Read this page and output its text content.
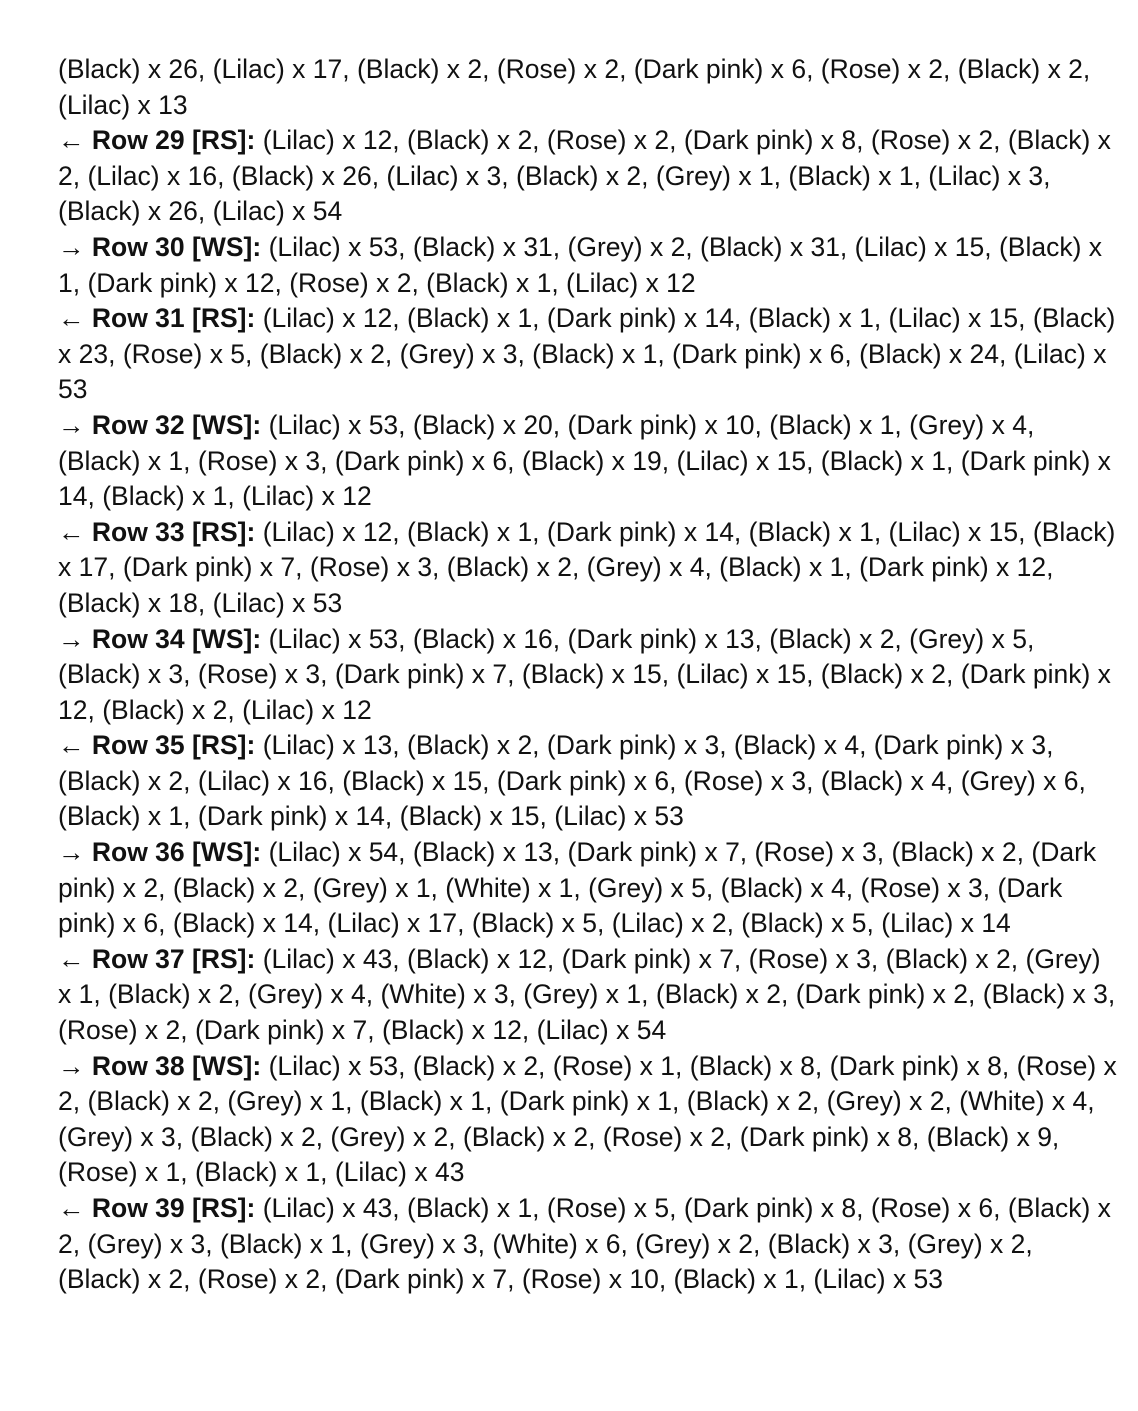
(Black) x 26, (Lilac) x 17, (Black) x 2, (Rose) x 2, (Dark pink) x 6, (Rose) x 2, (Black) x 2, (Lilac) x 13

← Row 29 [RS]: (Lilac) x 12, (Black) x 2, (Rose) x 2, (Dark pink) x 8, (Rose) x 2, (Black) x 2, (Lilac) x 16, (Black) x 26, (Lilac) x 3, (Black) x 2, (Grey) x 1, (Black) x 1, (Lilac) x 3, (Black) x 26, (Lilac) x 54

→ Row 30 [WS]: (Lilac) x 53, (Black) x 31, (Grey) x 2, (Black) x 31, (Lilac) x 15, (Black) x 1, (Dark pink) x 12, (Rose) x 2, (Black) x 1, (Lilac) x 12

← Row 31 [RS]: (Lilac) x 12, (Black) x 1, (Dark pink) x 14, (Black) x 1, (Lilac) x 15, (Black) x 23, (Rose) x 5, (Black) x 2, (Grey) x 3, (Black) x 1, (Dark pink) x 6, (Black) x 24, (Lilac) x 53

→ Row 32 [WS]: (Lilac) x 53, (Black) x 20, (Dark pink) x 10, (Black) x 1, (Grey) x 4, (Black) x 1, (Rose) x 3, (Dark pink) x 6, (Black) x 19, (Lilac) x 15, (Black) x 1, (Dark pink) x 14, (Black) x 1, (Lilac) x 12

← Row 33 [RS]: (Lilac) x 12, (Black) x 1, (Dark pink) x 14, (Black) x 1, (Lilac) x 15, (Black) x 17, (Dark pink) x 7, (Rose) x 3, (Black) x 2, (Grey) x 4, (Black) x 1, (Dark pink) x 12, (Black) x 18, (Lilac) x 53

→ Row 34 [WS]: (Lilac) x 53, (Black) x 16, (Dark pink) x 13, (Black) x 2, (Grey) x 5, (Black) x 3, (Rose) x 3, (Dark pink) x 7, (Black) x 15, (Lilac) x 15, (Black) x 2, (Dark pink) x 12, (Black) x 2, (Lilac) x 12

← Row 35 [RS]: (Lilac) x 13, (Black) x 2, (Dark pink) x 3, (Black) x 4, (Dark pink) x 3, (Black) x 2, (Lilac) x 16, (Black) x 15, (Dark pink) x 6, (Rose) x 3, (Black) x 4, (Grey) x 6, (Black) x 1, (Dark pink) x 14, (Black) x 15, (Lilac) x 53

→ Row 36 [WS]: (Lilac) x 54, (Black) x 13, (Dark pink) x 7, (Rose) x 3, (Black) x 2, (Dark pink) x 2, (Black) x 2, (Grey) x 1, (White) x 1, (Grey) x 5, (Black) x 4, (Rose) x 3, (Dark pink) x 6, (Black) x 14, (Lilac) x 17, (Black) x 5, (Lilac) x 2, (Black) x 5, (Lilac) x 14

← Row 37 [RS]: (Lilac) x 43, (Black) x 12, (Dark pink) x 7, (Rose) x 3, (Black) x 2, (Grey) x 1, (Black) x 2, (Grey) x 4, (White) x 3, (Grey) x 1, (Black) x 2, (Dark pink) x 2, (Black) x 3, (Rose) x 2, (Dark pink) x 7, (Black) x 12, (Lilac) x 54

→ Row 38 [WS]: (Lilac) x 53, (Black) x 2, (Rose) x 1, (Black) x 8, (Dark pink) x 8, (Rose) x 2, (Black) x 2, (Grey) x 1, (Black) x 1, (Dark pink) x 1, (Black) x 2, (Grey) x 2, (White) x 4, (Grey) x 3, (Black) x 2, (Grey) x 2, (Black) x 2, (Rose) x 2, (Dark pink) x 8, (Black) x 9, (Rose) x 1, (Black) x 1, (Lilac) x 43

← Row 39 [RS]: (Lilac) x 43, (Black) x 1, (Rose) x 5, (Dark pink) x 8, (Rose) x 6, (Black) x 2, (Grey) x 3, (Black) x 1, (Grey) x 3, (White) x 6, (Grey) x 2, (Black) x 3, (Grey) x 2, (Black) x 2, (Rose) x 2, (Dark pink) x 7, (Rose) x 10, (Black) x 1, (Lilac) x 53
